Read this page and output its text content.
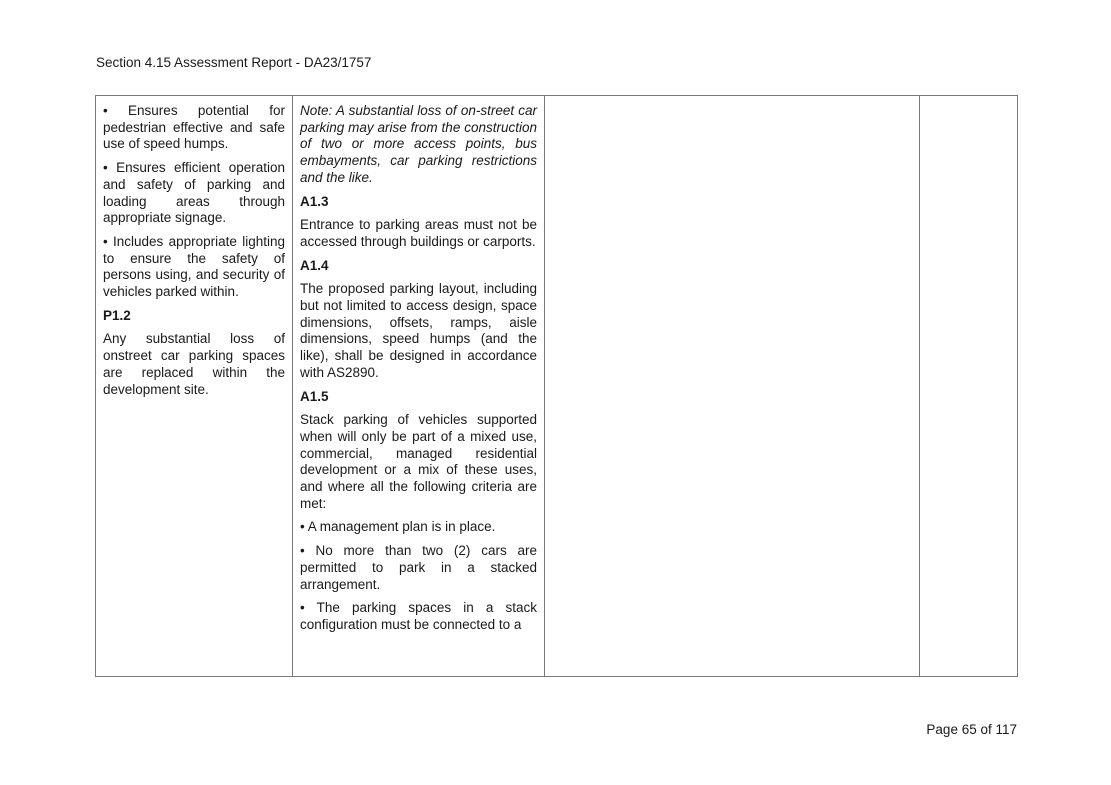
Section 4.15 Assessment Report - DA23/1757

• Ensures potential for pedestrian effective and safe use of speed humps.

• Ensures efficient operation and safety of parking and loading areas through appropriate signage.

• Includes appropriate lighting to ensure the safety of persons using, and security of vehicles parked within.

P1.2

Any substantial loss of onstreet car parking spaces are replaced within the development site.

Note: A substantial loss of on-street car parking may arise from the construction of two or more access points, bus embayments, car parking restrictions and the like.

A1.3

Entrance to parking areas must not be accessed through buildings or carports.

A1.4

The proposed parking layout, including but not limited to access design, space dimensions, offsets, ramps, aisle dimensions, speed humps (and the like), shall be designed in accordance with AS2890.

A1.5

Stack parking of vehicles supported when will only be part of a mixed use, commercial, managed residential development or a mix of these uses, and where all the following criteria are met:

• A management plan is in place.

• No more than two (2) cars are permitted to park in a stacked arrangement.

• The parking spaces in a stack configuration must be connected to a

Page 65 of 117
